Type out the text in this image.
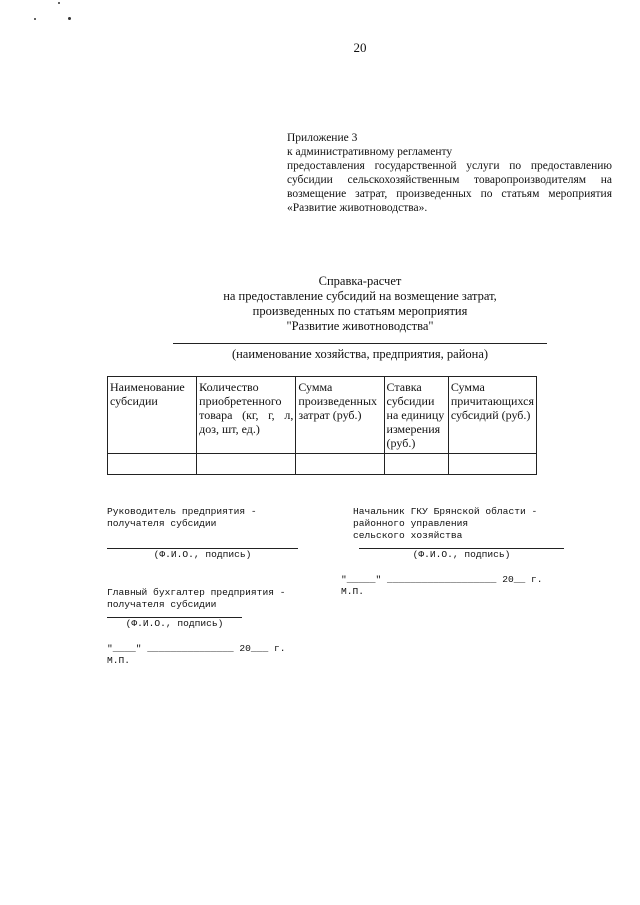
20
Приложение 3
к административному регламенту
предоставления государственной услуги по предоставлению
субсидии сельскохозяйственным товаропроизводителям на
возмещение затрат, произведенных по статьям мероприятия
«Развитие животноводства».
Справка-расчет
на предоставление субсидий на возмещение затрат,
произведенных по статьям мероприятия
"Развитие животноводства"
(наименование хозяйства, предприятия, района)
Наименование субсидии	Количество приобретенного товара (кг, г, л, доз, шт, ед.)	Сумма произведенных затрат (руб.)	Ставка субсидии на единицу измерения (руб.)	Сумма причитающихся субсидий (руб.)

Руководитель предприятия -
получателя субсидии
(Ф.И.О., подпись)
Главный бухгалтер предприятия -
получателя субсидии
(Ф.И.О., подпись)
"____" _______________ 20___ г.
М.П.
Начальник ГКУ Брянской области -
районного управления
сельского хозяйства
(Ф.И.О., подпись)
"_____" ___________________ 20__ г.
М.П.
